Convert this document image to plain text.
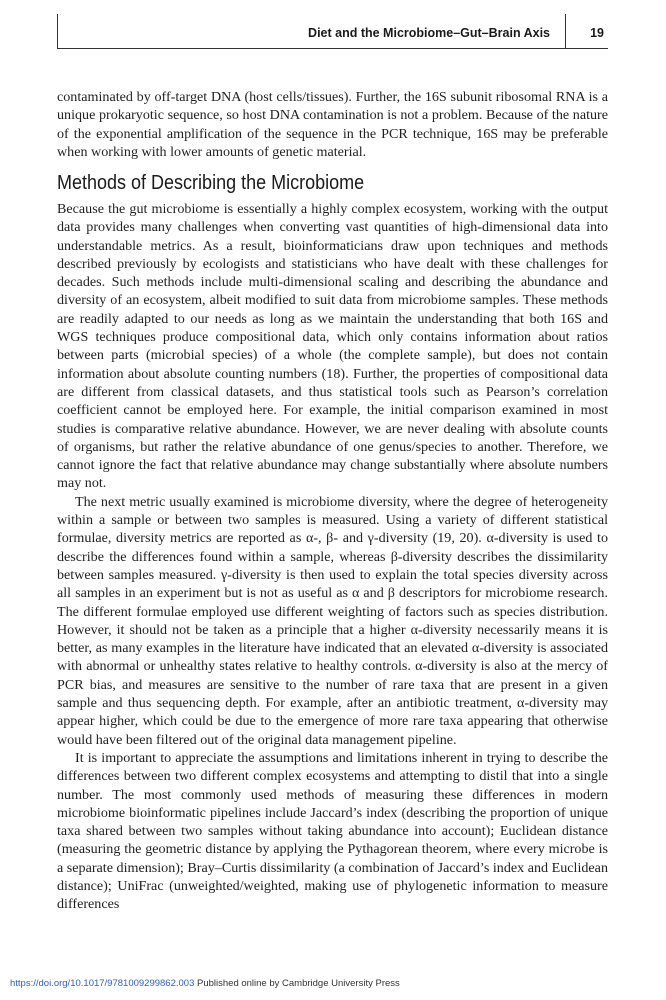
Diet and the Microbiome–Gut–Brain Axis	19

contaminated by off-target DNA (host cells/tissues). Further, the 16S subunit ribosomal RNA is a unique prokaryotic sequence, so host DNA contamination is not a problem. Because of the nature of the exponential amplification of the sequence in the PCR technique, 16S may be preferable when working with lower amounts of genetic material.

Methods of Describing the Microbiome

Because the gut microbiome is essentially a highly complex ecosystem, working with the output data provides many challenges when converting vast quantities of high-dimensional data into understandable metrics. As a result, bioinformaticians draw upon techniques and methods described previously by ecologists and statisticians who have dealt with these challenges for decades. Such methods include multi-dimensional scaling and describing the abundance and diversity of an ecosystem, albeit modified to suit data from microbiome samples. These methods are readily adapted to our needs as long as we maintain the understanding that both 16S and WGS techniques produce compositional data, which only contains information about ratios between parts (microbial species) of a whole (the complete sample), but does not contain information about absolute counting numbers (18). Further, the properties of compositional data are different from classical datasets, and thus statistical tools such as Pearson’s correlation coefficient cannot be employed here. For example, the initial comparison examined in most studies is comparative relative abundance. However, we are never dealing with absolute counts of organisms, but rather the relative abundance of one genus/species to another. Therefore, we cannot ignore the fact that relative abundance may change substantially where absolute numbers may not.

The next metric usually examined is microbiome diversity, where the degree of heterogeneity within a sample or between two samples is measured. Using a variety of different statistical formulae, diversity metrics are reported as α-, β- and γ-diversity (19, 20). α-diversity is used to describe the differences found within a sample, whereas β-diversity describes the dissimilarity between samples measured. γ-diversity is then used to explain the total species diversity across all samples in an experiment but is not as useful as α and β descriptors for microbiome research. The different formulae employed use different weighting of factors such as species distribution. However, it should not be taken as a principle that a higher α-diversity necessarily means it is better, as many examples in the literature have indicated that an elevated α-diversity is associated with abnormal or unhealthy states relative to healthy controls. α-diversity is also at the mercy of PCR bias, and measures are sensitive to the number of rare taxa that are present in a given sample and thus sequencing depth. For example, after an antibiotic treatment, α-diversity may appear higher, which could be due to the emergence of more rare taxa appearing that otherwise would have been filtered out of the original data management pipeline.

It is important to appreciate the assumptions and limitations inherent in trying to describe the differences between two different complex ecosystems and attempting to distil that into a single number. The most commonly used methods of measuring these differences in modern microbiome bioinformatic pipelines include Jaccard’s index (describing the proportion of unique taxa shared between two samples without taking abundance into account); Euclidean distance (measuring the geometric distance by applying the Pythagorean theorem, where every microbe is a separate dimension); Bray–Curtis dissimilarity (a combination of Jaccard’s index and Euclidean distance); UniFrac (unweighted/weighted, making use of phylogenetic information to measure differences

https://doi.org/10.1017/9781009299862.003 Published online by Cambridge University Press
